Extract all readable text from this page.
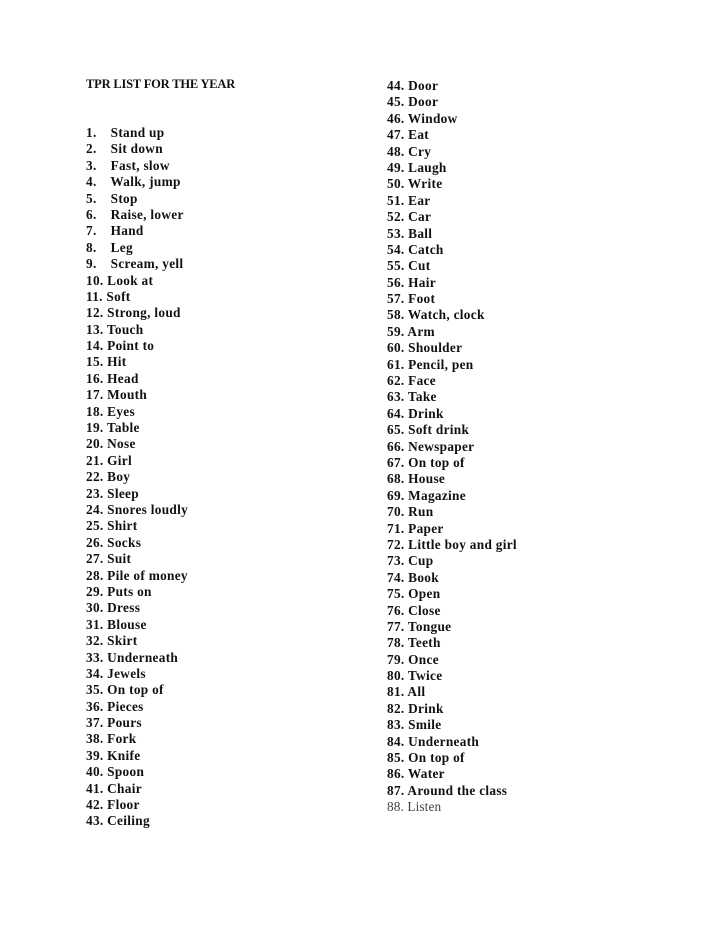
TPR LIST FOR THE YEAR
1. Stand up
2. Sit down
3. Fast, slow
4. Walk, jump
5. Stop
6. Raise, lower
7. Hand
8. Leg
9. Scream, yell
10. Look at
11. Soft
12. Strong, loud
13. Touch
14. Point to
15. Hit
16. Head
17. Mouth
18. Eyes
19. Table
20. Nose
21. Girl
22. Boy
23. Sleep
24. Snores loudly
25. Shirt
26. Socks
27. Suit
28. Pile of money
29. Puts on
30. Dress
31. Blouse
32. Skirt
33. Underneath
34. Jewels
35. On top of
36. Pieces
37. Pours
38. Fork
39. Knife
40. Spoon
41. Chair
42. Floor
43. Ceiling
44. Door
45. Door
46. Window
47. Eat
48. Cry
49. Laugh
50. Write
51. Ear
52. Car
53. Ball
54. Catch
55. Cut
56. Hair
57. Foot
58. Watch, clock
59. Arm
60. Shoulder
61. Pencil, pen
62. Face
63. Take
64. Drink
65. Soft drink
66. Newspaper
67. On top of
68. House
69. Magazine
70. Run
71. Paper
72. Little boy and girl
73. Cup
74. Book
75. Open
76. Close
77. Tongue
78. Teeth
79. Once
80. Twice
81. All
82. Drink
83. Smile
84. Underneath
85. On top of
86. Water
87. Around the class
88. Listen
